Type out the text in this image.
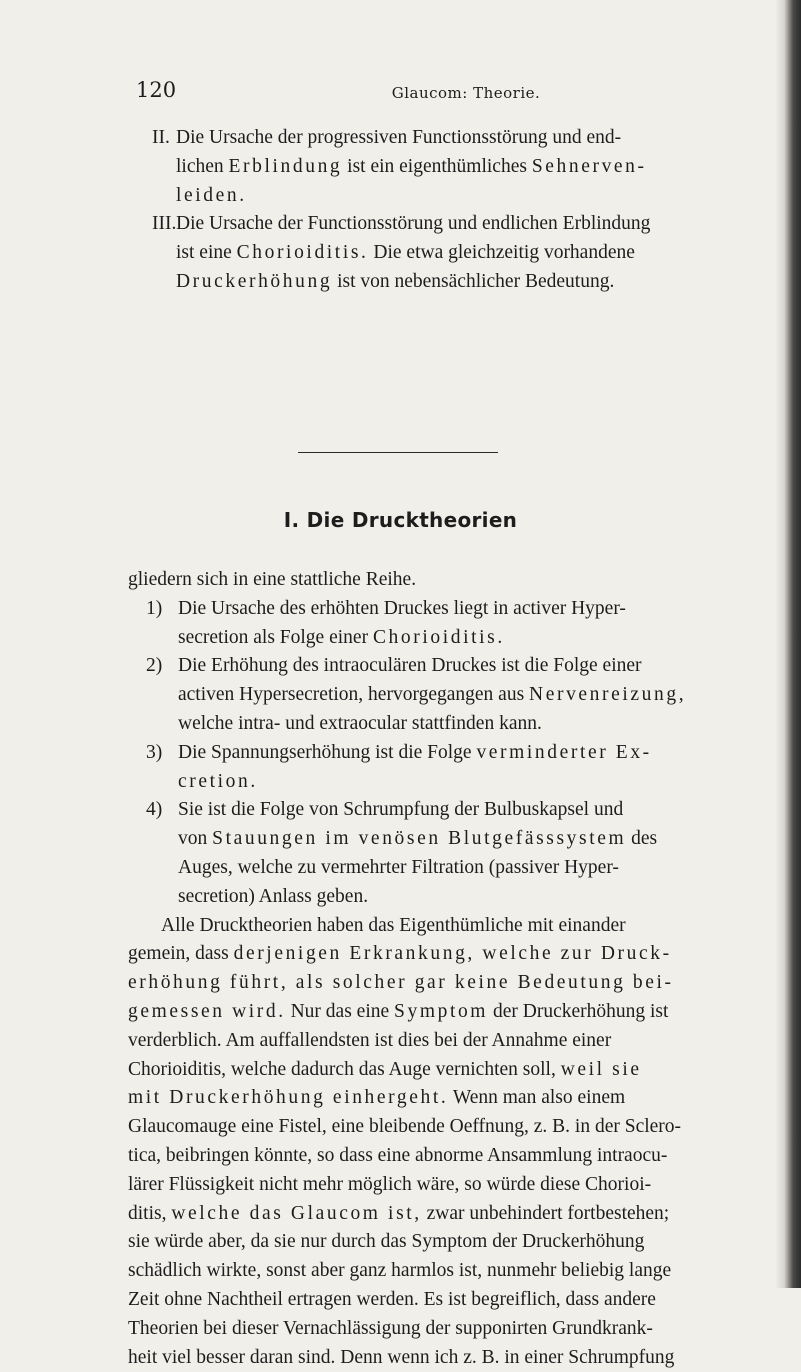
120	Glaucom: Theorie.
II. Die Ursache der progressiven Functionsstörung und end-
lichen Erblindung ist ein eigenthümliches Sehnerven-
leiden.
III. Die Ursache der Functionsstörung und endlichen Erblindung
ist eine Chorioiditis. Die etwa gleichzeitig vorhandene
Druckerhöhung ist von nebensächlicher Bedeutung.
I. Die Drucktheorien
gliedern sich in eine stattliche Reihe.
1) Die Ursache des erhöhten Druckes liegt in activer Hyper-
secretion als Folge einer Chorioiditis.
2) Die Erhöhung des intraoculären Druckes ist die Folge einer
activen Hypersecretion, hervorgegangen aus Nervenreizung,
welche intra- und extraocular stattfinden kann.
3) Die Spannungserhöhung ist die Folge verminderter Ex-
cretion.
4) Sie ist die Folge von Schrumpfung der Bulbuskapsel und
von Stauungen im venösen Blutgefässsystem des
Auges, welche zu vermehrter Filtration (passiver Hyper-
secretion) Anlass geben.
Alle Drucktheorien haben das Eigenthümliche mit einander
gemein, dass derjenigen Erkrankung, welche zur Druck-
erhöhung führt, als solcher gar keine Bedeutung bei-
gemessen wird. Nur das eine Symptom der Druckerhöhung ist
verderblich. Am auffallendsten ist dies bei der Annahme einer
Chorioiditis, welche dadurch das Auge vernichten soll, weil sie
mit Druckerhöhung einhergeht. Wenn man also einem
Glaucomauge eine Fistel, eine bleibende Oeffnung, z. B. in der Sclero-
tica, beibringen könnte, so dass eine abnorme Ansammlung intraocu-
lärer Flüssigkeit nicht mehr möglich wäre, so würde diese Chorioi-
ditis, welche das Glaucom ist, zwar unbehindert fortbestehen;
sie würde aber, da sie nur durch das Symptom der Druckerhöhung
schädlich wirkte, sonst aber ganz harmlos ist, nunmehr beliebig lange
Zeit ohne Nachtheil ertragen werden. Es ist begreiflich, dass andere
Theorien bei dieser Vernachlässigung der supponirten Grundkrank-
heit viel besser daran sind. Denn wenn ich z. B. in einer Schrumpfung
